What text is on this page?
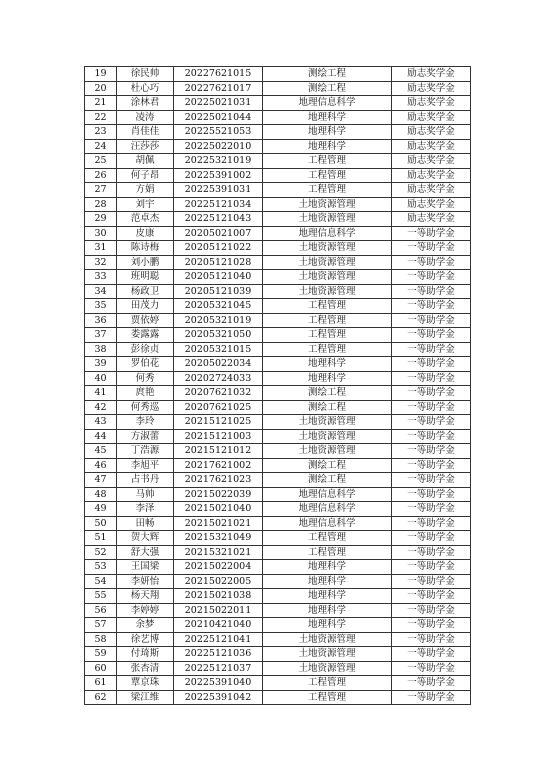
19	徐民帅	20227621015	测绘工程	励志奖学金
20	杜心巧	20227621017	测绘工程	励志奖学金
21	涂林君	20225021031	地理信息科学	励志奖学金
22	凌涛	20225021044	地理科学	励志奖学金
23	肖佳佳	20225521053	地理科学	励志奖学金
24	汪莎莎	20225022010	地理科学	励志奖学金
25	胡佩	20225321019	工程管理	励志奖学金
26	何子昂	20225391002	工程管理	励志奖学金
27	方娟	20225391031	工程管理	励志奖学金
28	刘宇	20225121034	土地资源管理	励志奖学金
29	范卓杰	20225121043	土地资源管理	励志奖学金
30	皮康	20205021007	地理信息科学	一等助学金
31	陈诗梅	20205121022	土地资源管理	一等助学金
32	刘小鹏	20205121028	土地资源管理	一等助学金
33	班明聪	20205121040	土地资源管理	一等助学金
34	杨政卫	20205121039	土地资源管理	一等助学金
35	田茂力	20205321045	工程管理	一等助学金
36	贾依婷	20205321019	工程管理	一等助学金
37	娄露露	20205321050	工程管理	一等助学金
38	彭徐贞	20205321015	工程管理	一等助学金
39	罗伯花	20205022034	地理科学	一等助学金
40	何秀	20202724033	地理科学	一等助学金
41	庹艳	20207621032	测绘工程	一等助学金
42	何秀巡	20207621025	测绘工程	一等助学金
43	李玲	20215121025	土地资源管理	一等助学金
44	方淑蕾	20215121003	土地资源管理	一等助学金
45	丁浩源	20215121012	土地资源管理	一等助学金
46	李旭平	20217621002	测绘工程	一等助学金
47	占书丹	20217621023	测绘工程	一等助学金
48	马帅	20215022039	地理信息科学	一等助学金
49	李泽	20215021040	地理信息科学	一等助学金
50	田畅	20215021021	地理信息科学	一等助学金
51	贺大辉	20215321049	工程管理	一等助学金
52	舒大强	20215321021	工程管理	一等助学金
53	王国梁	20215022004	地理科学	一等助学金
54	李妍怡	20215022005	地理科学	一等助学金
55	杨天翔	20215021038	地理科学	一等助学金
56	李婷婷	20215022011	地理科学	一等助学金
57	余梦	20210421040	地理科学	一等助学金
58	徐艺博	20225121041	土地资源管理	一等助学金
59	付琦斯	20225121036	土地资源管理	一等助学金
60	张杏清	20225121037	土地资源管理	一等助学金
61	覃京珠	20225391040	工程管理	一等助学金
62	梁江维	20225391042	工程管理	一等助学金
